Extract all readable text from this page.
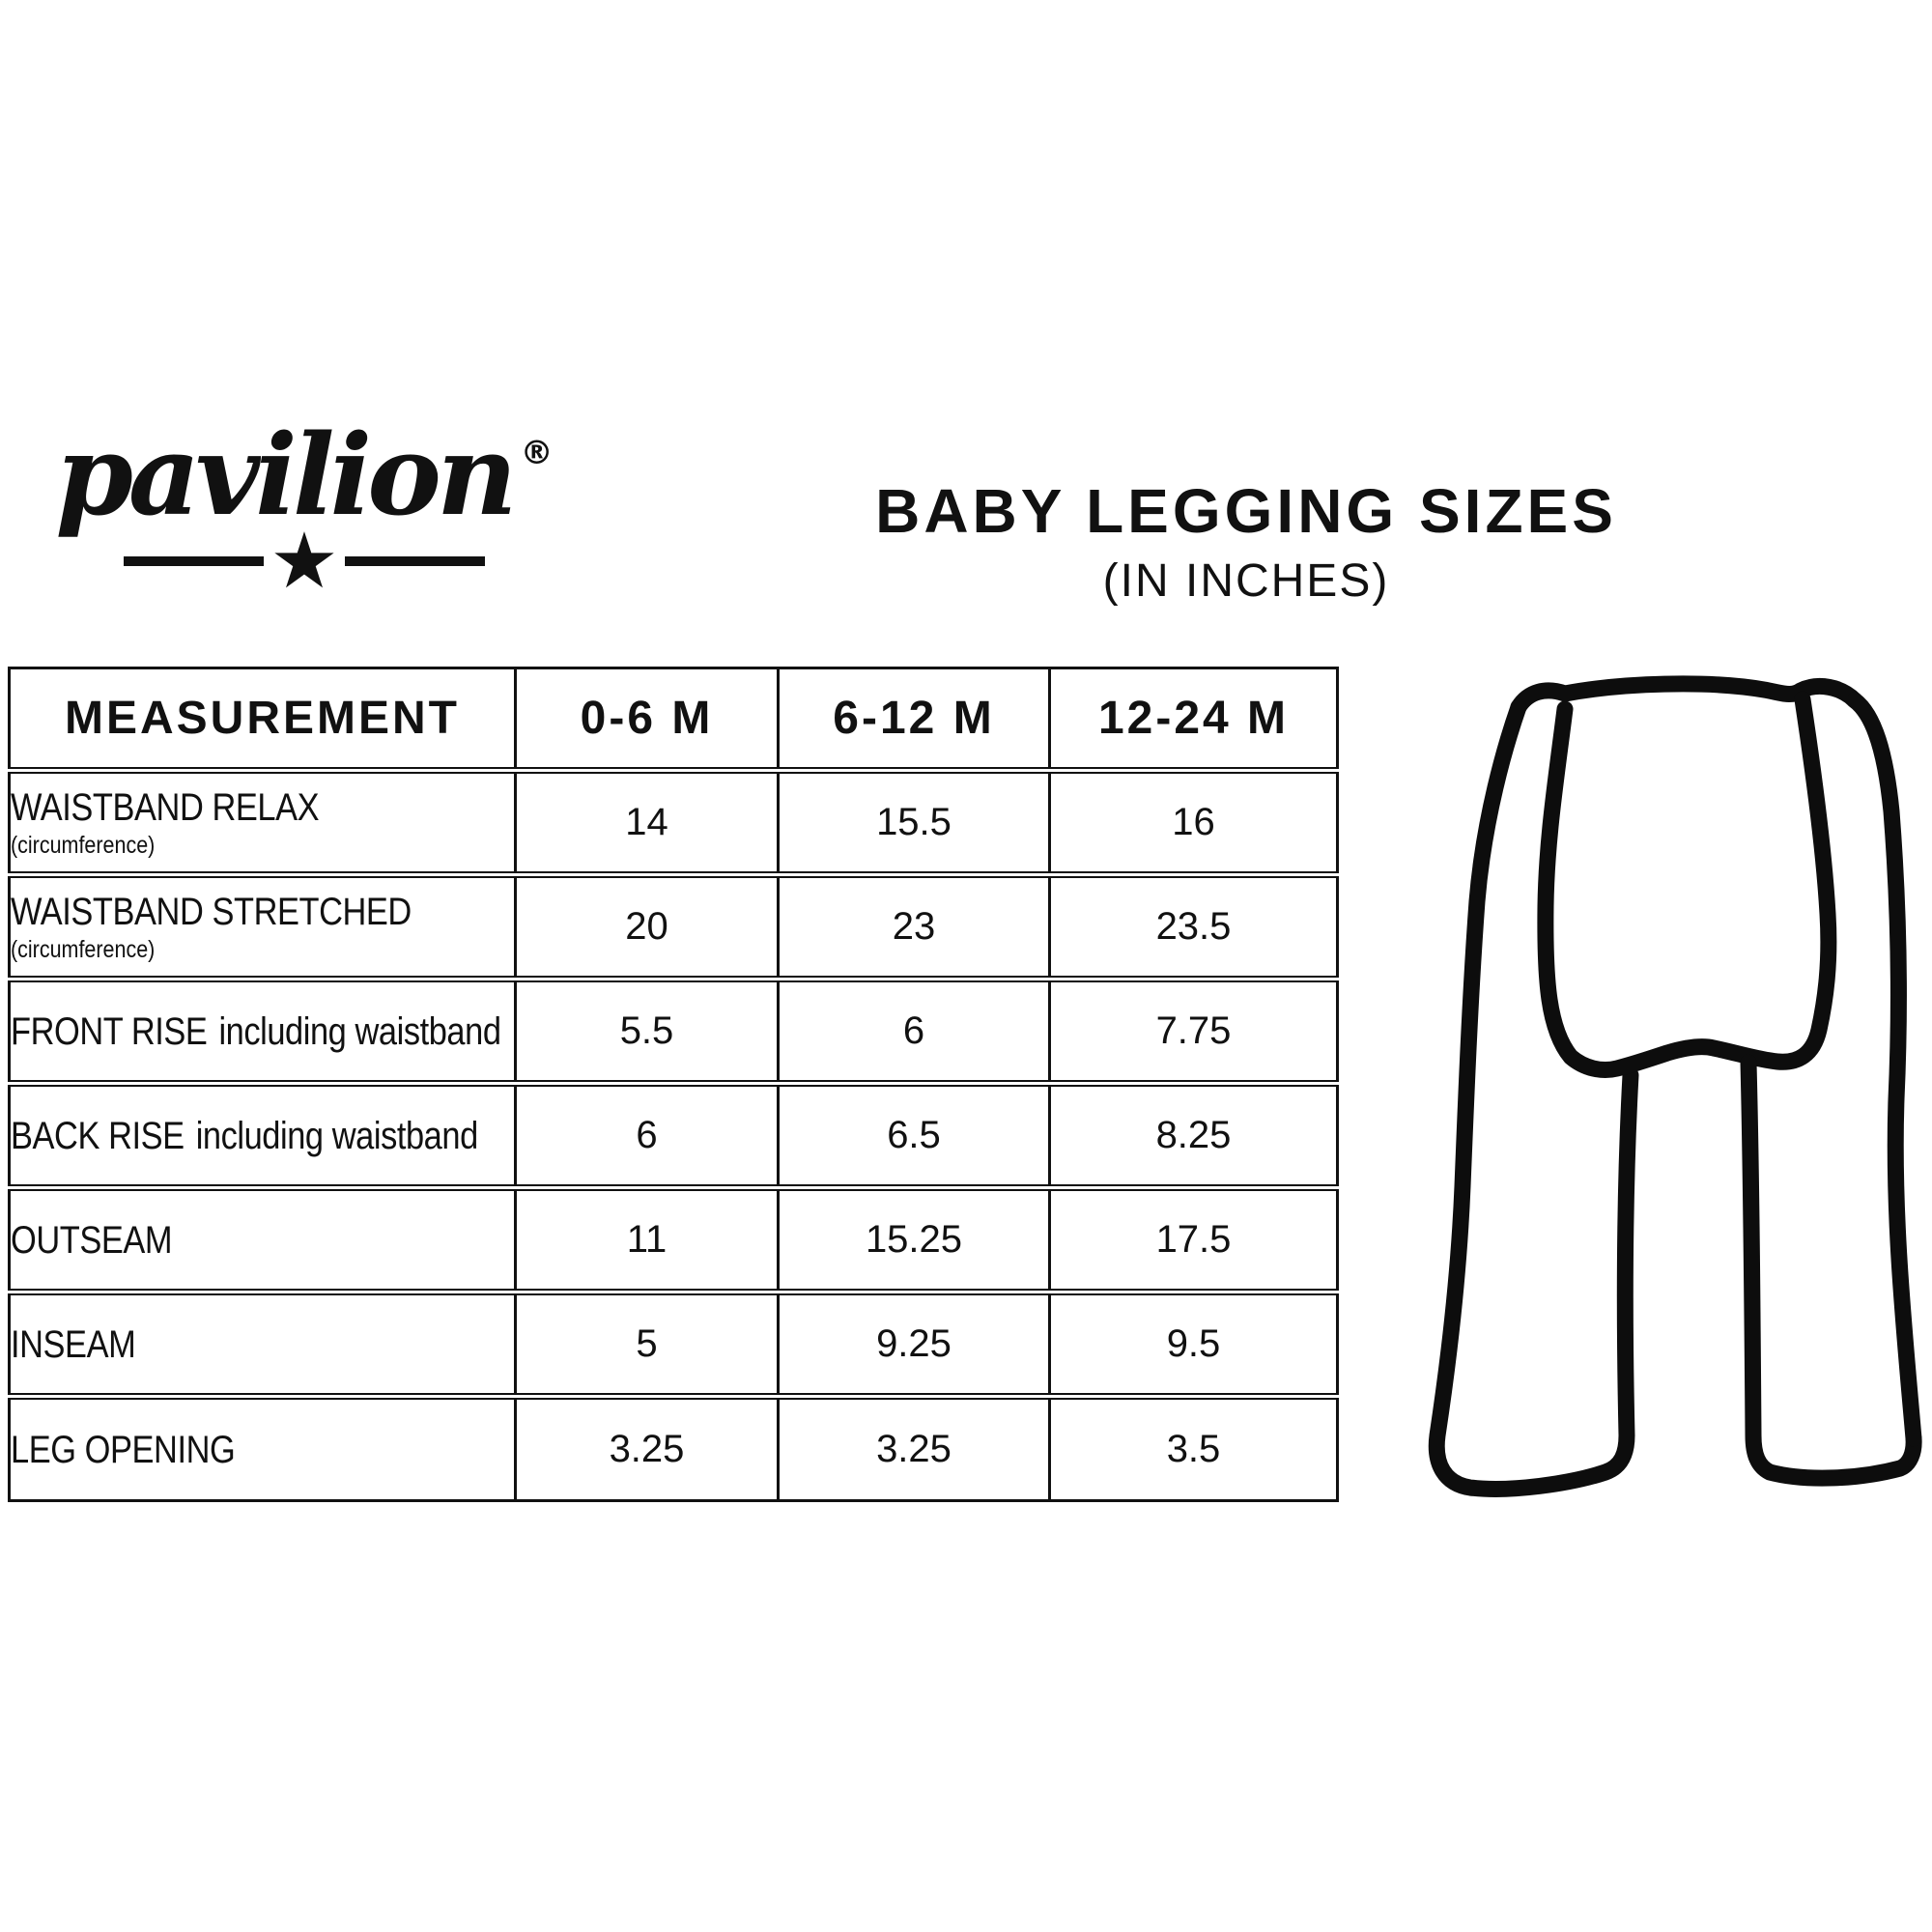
pavilion ®
★
BABY LEGGING SIZES
(IN INCHES)
MEASUREMENT	0-6 M	6-12 M	12-24 M
WAISTBAND RELAX
(circumference)	14	15.5	16
WAISTBAND STRETCHED
(circumference)	20	23	23.5
FRONT RISE including waistband	5.5	6	7.75
BACK RISE including waistband	6	6.5	8.25
OUTSEAM	11	15.25	17.5
INSEAM	5	9.25	9.5
LEG OPENING	3.25	3.25	3.5
